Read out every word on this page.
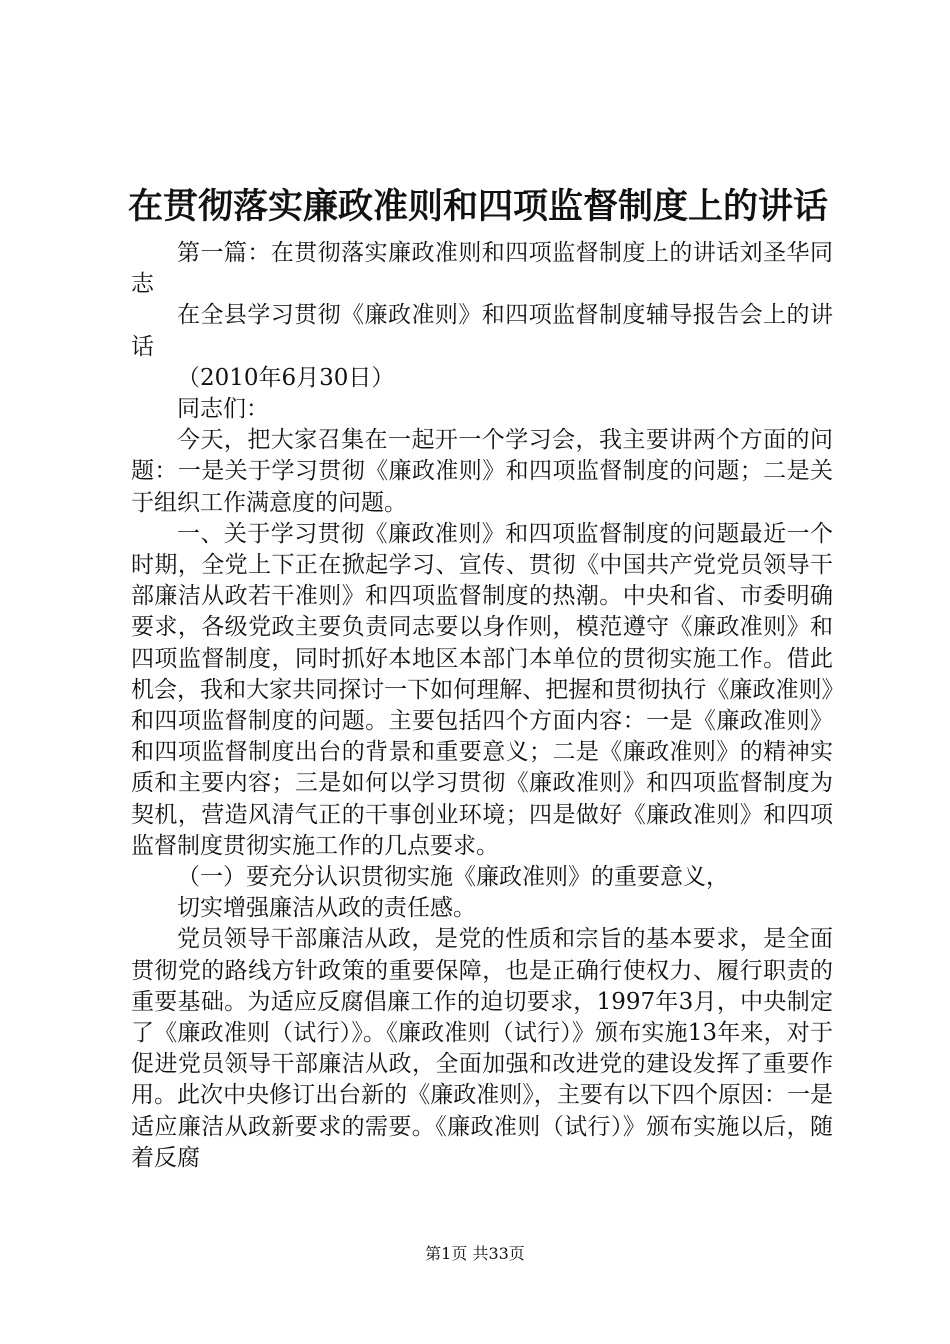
在贯彻落实廉政准则和四项监督制度上的讲话

第一篇：在贯彻落实廉政准则和四项监督制度上的讲话刘圣华同志

在全县学习贯彻《廉政准则》和四项监督制度辅导报告会上的讲话

（2010年6月30日）

同志们：

今天，把大家召集在一起开一个学习会，我主要讲两个方面的问题：一是关于学习贯彻《廉政准则》和四项监督制度的问题；二是关于组织工作满意度的问题。

一、关于学习贯彻《廉政准则》和四项监督制度的问题最近一个时期，全党上下正在掀起学习、宣传、贯彻《中国共产党党员领导干部廉洁从政若干准则》和四项监督制度的热潮。中央和省、市委明确要求，各级党政主要负责同志要以身作则，模范遵守《廉政准则》和四项监督制度，同时抓好本地区本部门本单位的贯彻实施工作。借此机会，我和大家共同探讨一下如何理解、把握和贯彻执行《廉政准则》和四项监督制度的问题。主要包括四个方面内容：一是《廉政准则》和四项监督制度出台的背景和重要意义；二是《廉政准则》的精神实质和主要内容；三是如何以学习贯彻《廉政准则》和四项监督制度为契机，营造风清气正的干事创业环境；四是做好《廉政准则》和四项监督制度贯彻实施工作的几点要求。

（一）要充分认识贯彻实施《廉政准则》的重要意义，

切实增强廉洁从政的责任感。

党员领导干部廉洁从政，是党的性质和宗旨的基本要求，是全面贯彻党的路线方针政策的重要保障，也是正确行使权力、履行职责的重要基础。为适应反腐倡廉工作的迫切要求，1997年3月，中央制定了《廉政准则（试行）》。《廉政准则（试行）》颁布实施13年来，对于促进党员领导干部廉洁从政，全面加强和改进党的建设发挥了重要作用。此次中央修订出台新的《廉政准则》，主要有以下四个原因：一是适应廉洁从政新要求的需要。《廉政准则（试行）》颁布实施以后，随着反腐

第1页 共33页
